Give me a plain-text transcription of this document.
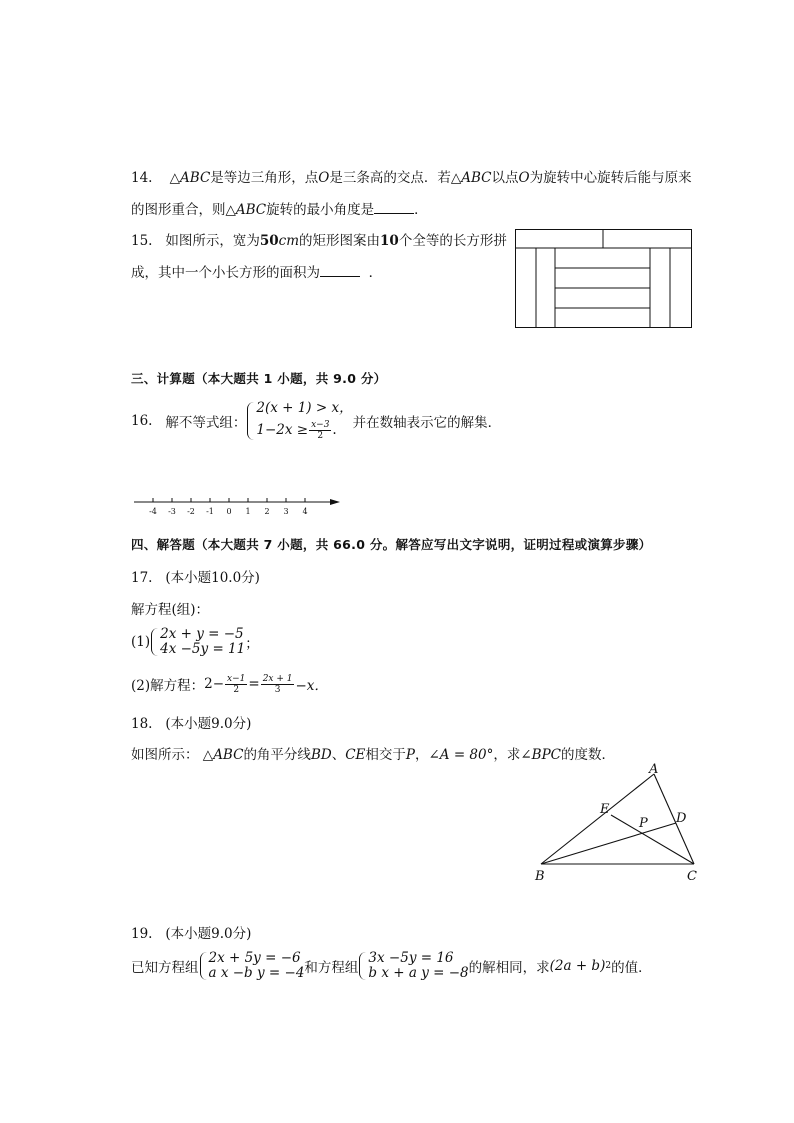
14. △ABC是等边三角形，点O是三条高的交点．若△ABC以点O为旋转中心旋转后能与原来
的图形重合，则△ABC旋转的最小角度是	．
15. 如图所示，宽为50cm的矩形图案由10个全等的长方形拼
成，其中一个小长方形的面积为	．
三、计算题（本大题共 1 小题，共 9.0 分）
16.
解不等式组：
2(x + 1) > x，
$1-2x \ge \frac{x-3}{2}$ .	并在数轴表示它的解集．
-4 -3 -2 -1 0 1 2 3 4
四、解答题（本大题共 7 小题，共 66.0 分。解答应写出文字说明，证明过程或演算步骤）
17. (本小题10.0分)
解方程(组)：
(1) 2x + y = −5
4x −5y = 11 ；
(2)解方程： $2- \frac{x-1}{2} = \frac{2x + 1}{3} -x$．
18. (本小题9.0分)
如图所示： △ABC的角平分线BD、CE相交于P，∠A = 80°，求∠BPC的度数．
A
B	C
D
E
P
19. (本小题9.0分)
已知方程组
2x + 5y = −6
a x −b y = −4 和方程组
3x −5y = 16
b x + a y = −8 的解相同，求 (2a + b) 2 的值．
